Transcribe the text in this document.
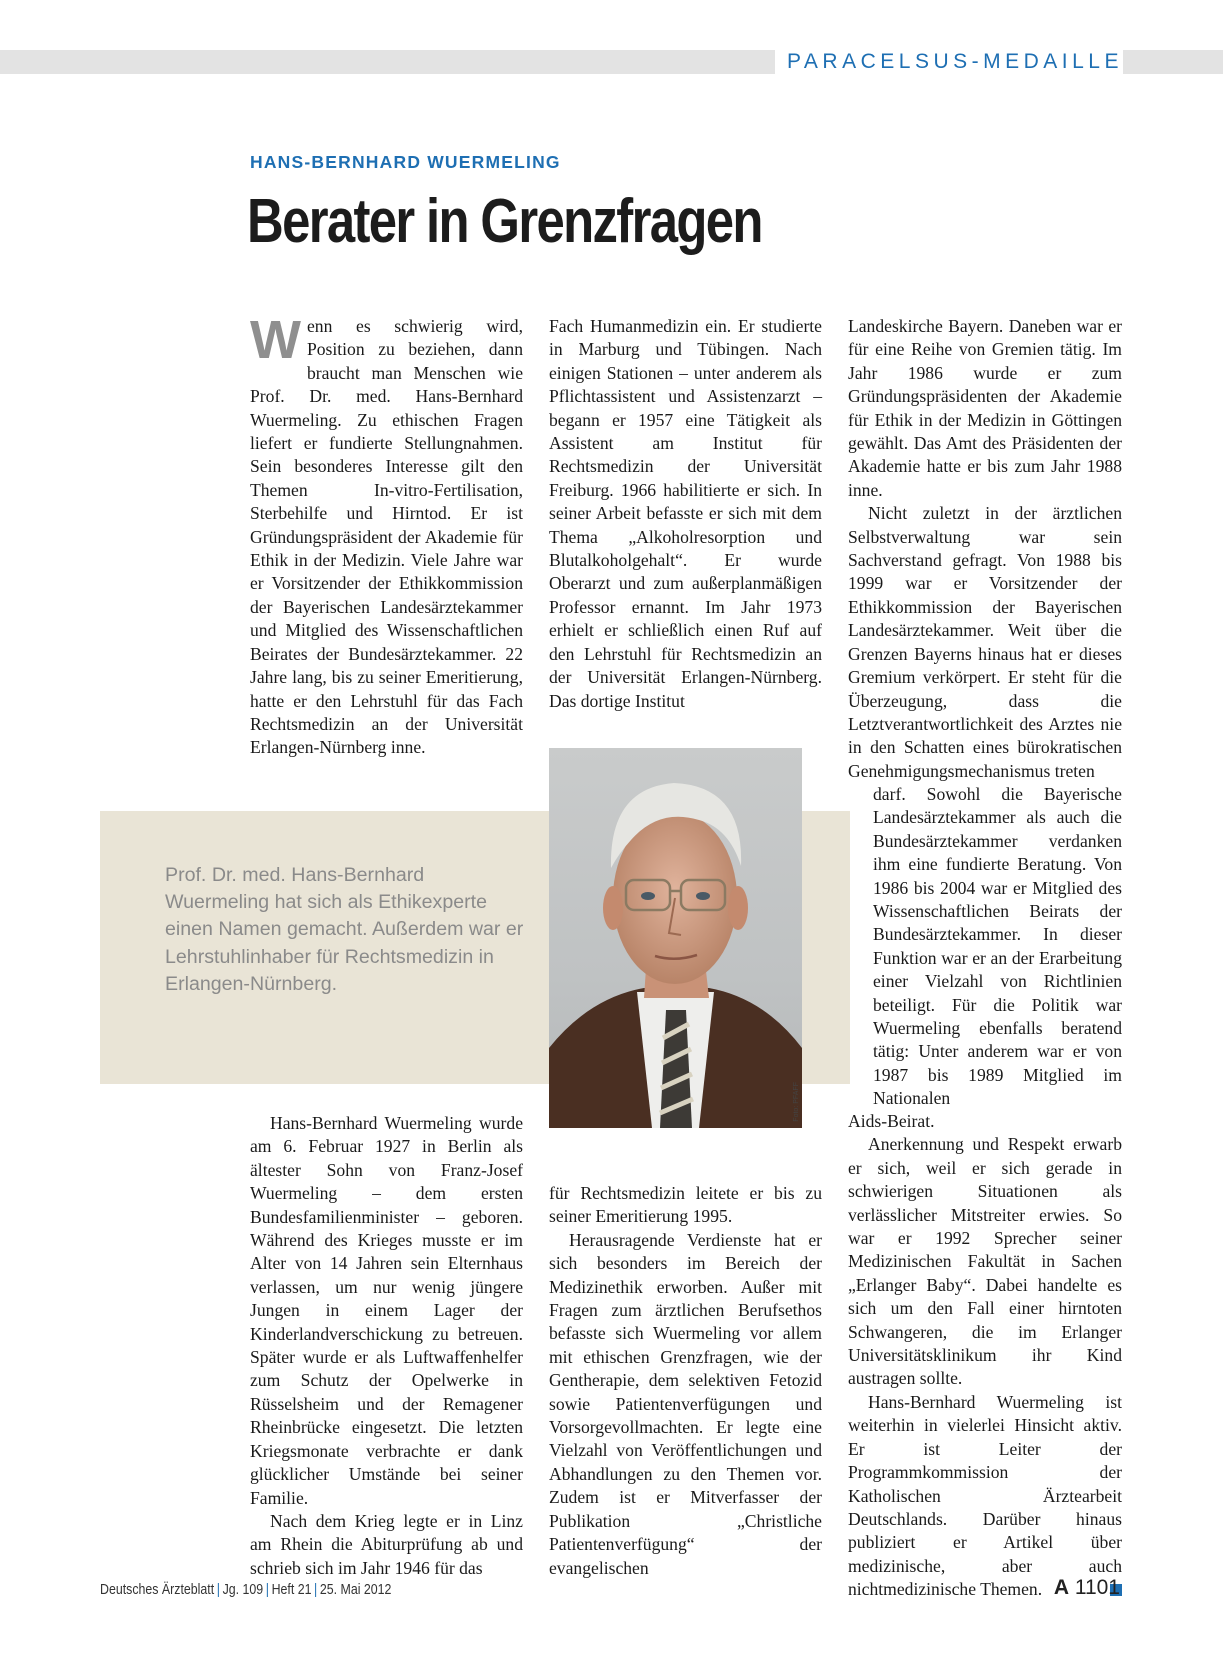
PARACELSUS-MEDAILLE
HANS-BERNHARD WUERMELING
Berater in Grenzfragen

Wenn es schwierig wird, Position zu beziehen, dann braucht man Menschen wie Prof. Dr. med. Hans-Bernhard Wuermeling. Zu ethischen Fragen liefert er fundierte Stellungnahmen. Sein besonderes Interesse gilt den Themen In-vitro-Fertilisation, Sterbehilfe und Hirntod. Er ist Gründungspräsident der Akademie für Ethik in der Medizin. Viele Jahre war er Vorsitzender der Ethikkommission der Bayerischen Landesärztekammer und Mitglied des Wissenschaftlichen Beirates der Bundesärztekammer. 22 Jahre lang, bis zu seiner Emeritierung, hatte er den Lehrstuhl für das Fach Rechtsmedizin an der Universität Erlangen-Nürnberg inne.

Prof. Dr. med. Hans-Bernhard Wuermeling hat sich als Ethikexperte einen Namen gemacht. Außerdem war er Lehrstuhlinhaber für Rechtsmedizin in Erlangen-Nürnberg.

Foto: PFAFF

Hans-Bernhard Wuermeling wurde am 6. Februar 1927 in Berlin als ältester Sohn von Franz-Josef Wuermeling – dem ersten Bundesfamilienminister – geboren. Während des Krieges musste er im Alter von 14 Jahren sein Elternhaus verlassen, um nur wenig jüngere Jungen in einem Lager der Kinderlandverschickung zu betreuen. Später wurde er als Luftwaffenhelfer zum Schutz der Opelwerke in Rüsselsheim und der Remagener Rheinbrücke eingesetzt. Die letzten Kriegsmonate verbrachte er dank glücklicher Umstände bei seiner Familie.

Nach dem Krieg legte er in Linz am Rhein die Abiturprüfung ab und schrieb sich im Jahr 1946 für das

Fach Humanmedizin ein. Er studierte in Marburg und Tübingen. Nach einigen Stationen – unter anderem als Pflichtassistent und Assistenzarzt – begann er 1957 eine Tätigkeit als Assistent am Institut für Rechtsmedizin der Universität Freiburg. 1966 habilitierte er sich. In seiner Arbeit befasste er sich mit dem Thema „Alkoholresorption und Blutalkoholgehalt“. Er wurde Oberarzt und zum außerplanmäßigen Professor ernannt. Im Jahr 1973 erhielt er schließlich einen Ruf auf den Lehrstuhl für Rechtsmedizin an der Universität Erlangen-Nürnberg. Das dortige Institut

für Rechtsmedizin leitete er bis zu seiner Emeritierung 1995.

Herausragende Verdienste hat er sich besonders im Bereich der Medizinethik erworben. Außer mit Fragen zum ärztlichen Berufsethos befasste sich Wuermeling vor allem mit ethischen Grenzfragen, wie der Gentherapie, dem selektiven Fetozid sowie Patientenverfügungen und Vorsorgevollmachten. Er legte eine Vielzahl von Veröffentlichungen und Abhandlungen zu den Themen vor. Zudem ist er Mitverfasser der Publikation „Christliche Patientenverfügung“ der evangelischen

Landeskirche Bayern. Daneben war er für eine Reihe von Gremien tätig. Im Jahr 1986 wurde er zum Gründungspräsidenten der Akademie für Ethik in der Medizin in Göttingen gewählt. Das Amt des Präsidenten der Akademie hatte er bis zum Jahr 1988 inne.

Nicht zuletzt in der ärztlichen Selbstverwaltung war sein Sachverstand gefragt. Von 1988 bis 1999 war er Vorsitzender der Ethikkommission der Bayerischen Landesärztekammer. Weit über die Grenzen Bayerns hinaus hat er dieses Gremium verkörpert. Er steht für die Überzeugung, dass die Letztverantwortlichkeit des Arztes nie in den Schatten eines bürokratischen Genehmigungsmechanismus treten

darf. Sowohl die Bayerische Landesärztekammer als auch die Bundesärztekammer verdanken ihm eine fundierte Beratung. Von 1986 bis 2004 war er Mitglied des Wissenschaftlichen Beirats der Bundesärztekammer. In dieser Funktion war er an der Erarbeitung einer Vielzahl von Richtlinien beteiligt. Für die Politik war Wuermeling ebenfalls beratend tätig: Unter anderem war er von 1987 bis 1989 Mitglied im Nationalen

Aids-Beirat.

Anerkennung und Respekt erwarb er sich, weil er sich gerade in schwierigen Situationen als verlässlicher Mitstreiter erwies. So war er 1992 Sprecher seiner Medizinischen Fakultät in Sachen „Erlanger Baby“. Dabei handelte es sich um den Fall einer hirntoten Schwangeren, die im Erlanger Universitätsklinikum ihr Kind austragen sollte.

Hans-Bernhard Wuermeling ist weiterhin in vielerlei Hinsicht aktiv. Er ist Leiter der Programmkommission der Katholischen Ärztearbeit Deutschlands. Darüber hinaus publiziert er Artikel über medizinische, aber auch nichtmedizinische Themen.

Deutsches Ärzteblatt | Jg. 109 | Heft 21 | 25. Mai 2012	A 1101
